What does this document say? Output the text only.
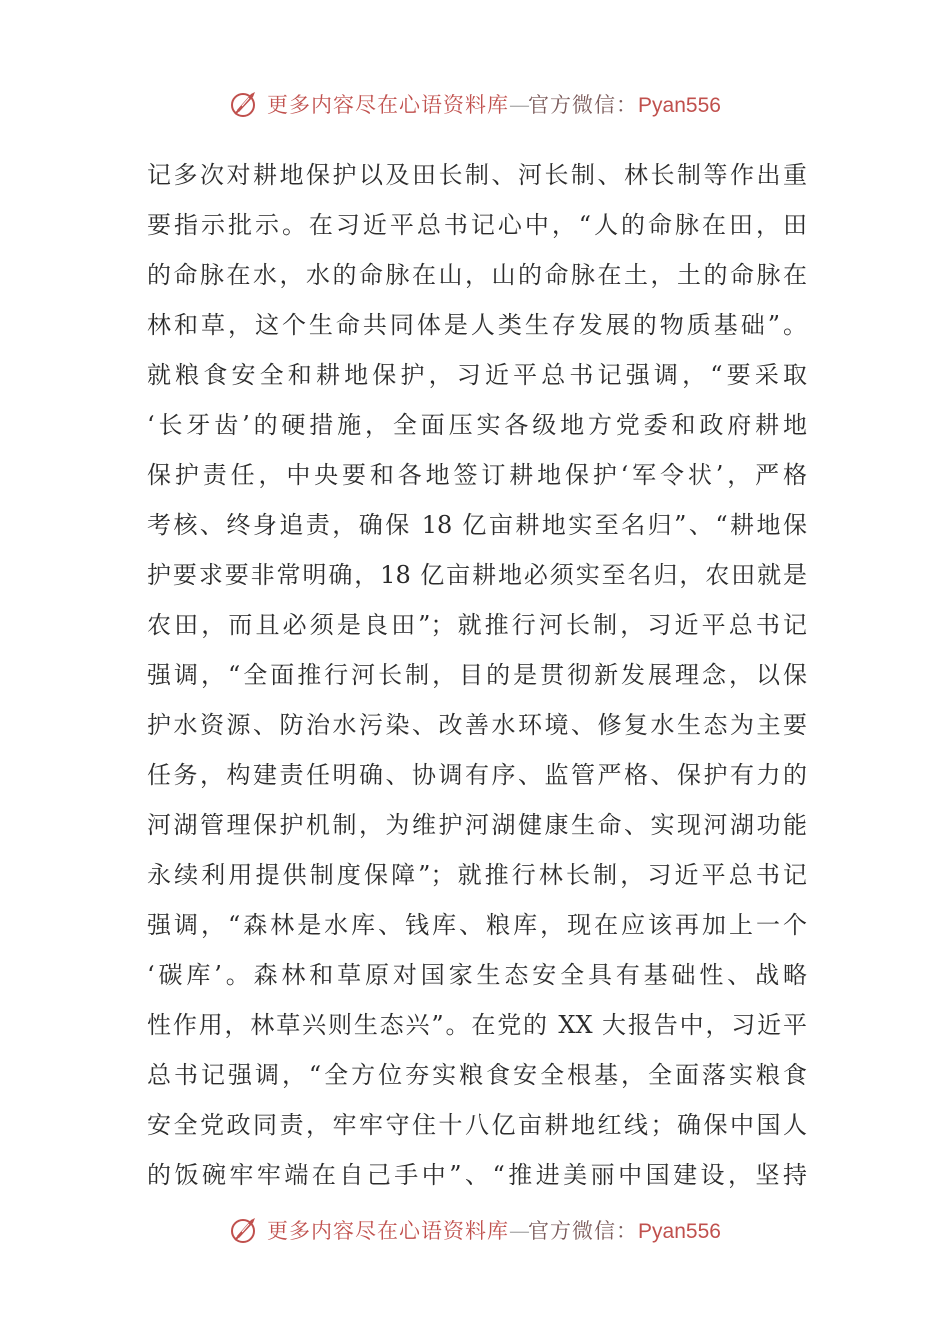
更多内容尽在心语资料库—官方微信：Pyan556
记多次对耕地保护以及田长制、河长制、林长制等作出重
要指示批示。在习近平总书记心中，“人的命脉在田，田
的命脉在水，水的命脉在山，山的命脉在土，土的命脉在
林和草，这个生命共同体是人类生存发展的物质基础”。
就粮食安全和耕地保护，习近平总书记强调，“要采取
‘长牙齿’的硬措施，全面压实各级地方党委和政府耕地
保护责任，中央要和各地签订耕地保护‘军令状’，严格
考核、终身追责，确保 18 亿亩耕地实至名归”、“耕地保
护要求要非常明确，18 亿亩耕地必须实至名归，农田就是
农田，而且必须是良田”；就推行河长制，习近平总书记
强调，“全面推行河长制，目的是贯彻新发展理念，以保
护水资源、防治水污染、改善水环境、修复水生态为主要
任务，构建责任明确、协调有序、监管严格、保护有力的
河湖管理保护机制，为维护河湖健康生命、实现河湖功能
永续利用提供制度保障”；就推行林长制，习近平总书记
强调，“森林是水库、钱库、粮库，现在应该再加上一个
‘碳库’。森林和草原对国家生态安全具有基础性、战略
性作用，林草兴则生态兴”。在党的 XX 大报告中，习近平
总书记强调，“全方位夯实粮食安全根基，全面落实粮食
安全党政同责，牢牢守住十八亿亩耕地红线；确保中国人
的饭碗牢牢端在自己手中”、“推进美丽中国建设，坚持
更多内容尽在心语资料库—官方微信：Pyan556
